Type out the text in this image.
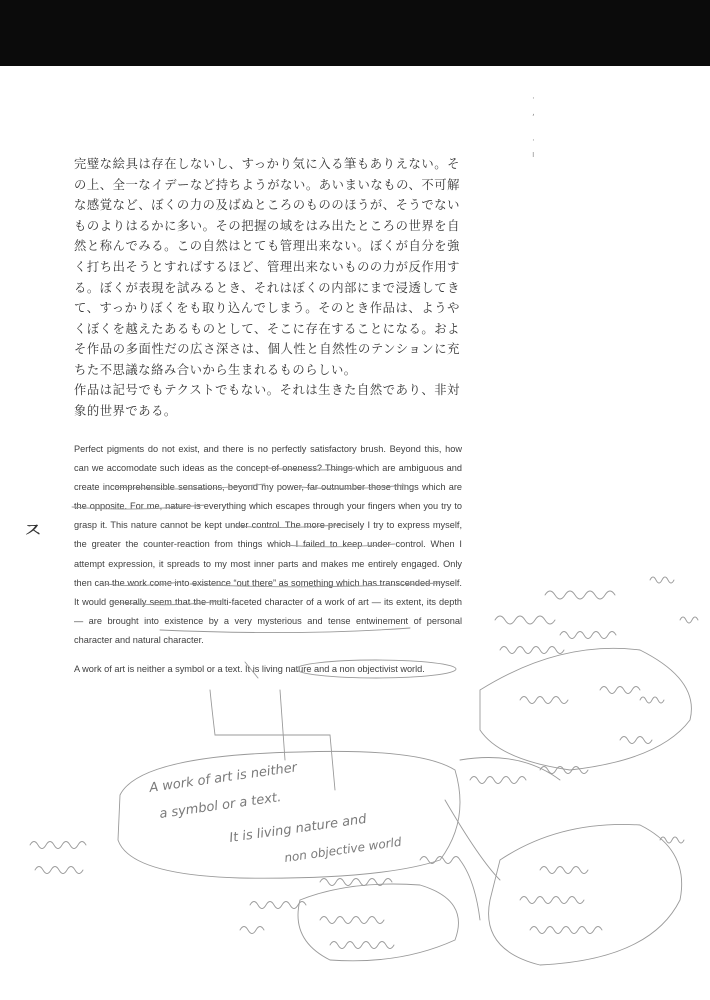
完璧な絵具は存在しないし、すっかり気に入る筆もありえない。その上、全一なイデーなど持ちようがない。あいまいなもの、不可解な感覚など、ぼくの力の及ばぬところのもののほうが、そうでないものよりはるかに多い。その把握の域をはみ出たところの世界を自然と称んでみる。この自然はとても管理出来ない。ぼくが自分を強く打ち出そうとすればするほど、管理出来ないものの力が反作用する。ぼくが表現を試みるとき、それはぼくの内部にまで浸透してきて、すっかりぼくをも取り込んでしまう。そのとき作品は、ようやくぼくを越えたあるものとして、そこに存在することになる。およそ作品の多面性だの広さ深さは、個人性と自然性のテンションに充ちた不思議な絡み合いから生まれるものらしい。

作品は記号でもテクストでもない。それは生きた自然であり、非対象的世界である。

Perfect pigments do not exist, and there is no perfectly satisfactory brush. Beyond this, how can we accomodate such ideas as the concept of oneness? Things which are ambiguous and create incomprehensible sensations, beyond my power, far outnumber those things which are the opposite. For me, nature is everything which escapes through your fingers when you try to grasp it. This nature cannot be kept under control. The more precisely I try to express myself, the greater the counter-reaction from things which I failed to keep under control. When I attempt expression, it spreads to my most inner parts and makes me entirely engaged. Only then can the work come into existence “out there” as something which has transcended myself. It would generally seem that the multi-faceted character of a work of art — its extent, its depth — are brought into existence by a very mysterious and tense entwinement of personal character and natural character.

A work of art is neither a symbol or a text. It is living nature and a non objectivist world.

ㅈ
·
,

·
ı
A work of art is neither
a symbol or a text.
It is living nature and
non objective world
